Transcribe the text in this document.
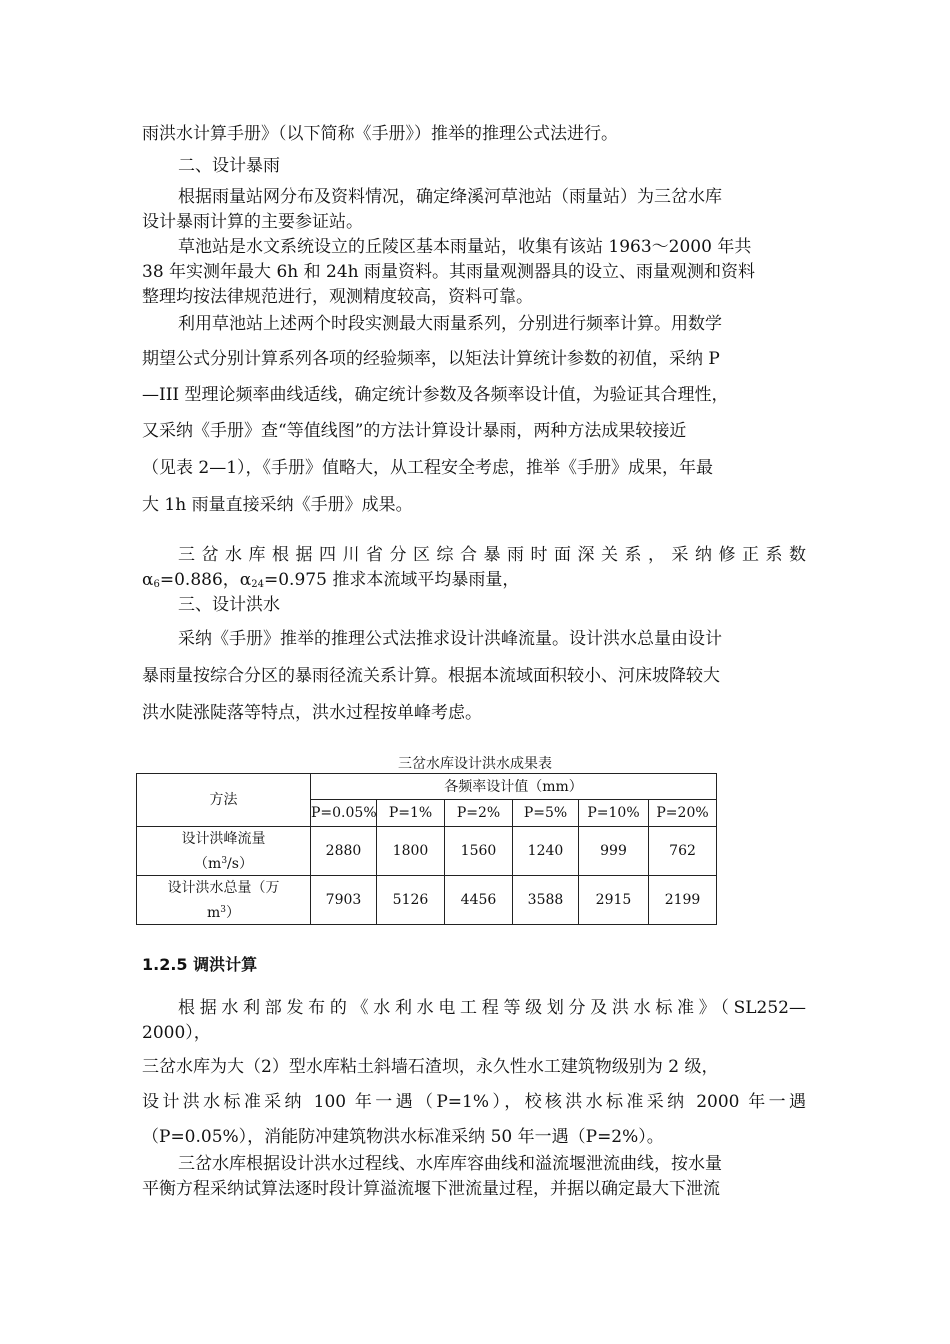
雨洪水计算手册》（以下简称《手册》）推举的推理公式法进行。

二、设计暴雨

根据雨量站网分布及资料情况，确定绛溪河草池站（雨量站）为三岔水库

设计暴雨计算的主要参证站。

草池站是水文系统设立的丘陵区基本雨量站，收集有该站 1963～2000 年共

38 年实测年最大 6h 和 24h 雨量资料。其雨量观测器具的设立、雨量观测和资料

整理均按法律规范进行，观测精度较高，资料可靠。

利用草池站上述两个时段实测最大雨量系列，分别进行频率计算。用数学

期望公式分别计算系列各项的经验频率，以矩法计算统计参数的初值，采纳 P

—III 型理论频率曲线适线，确定统计参数及各频率设计值，为验证其合理性，

又采纳《手册》查“等值线图”的方法计算设计暴雨，两种方法成果较接近

（见表 2—1），《手册》值略大，从工程安全考虑，推举《手册》成果，年最

大 1h 雨量直接采纳《手册》成果。

三岔水库根据四川省分区综合暴雨时面深关系，采纳修正系数

$\alpha_6=0.886$，$\alpha_{24}=0.975$ 推求本流域平均暴雨量，

三、设计洪水

采纳《手册》推举的推理公式法推求设计洪峰流量。设计洪水总量由设计

暴雨量按综合分区的暴雨径流关系计算。根据本流域面积较小、河床坡降较大

洪水陡涨陡落等特点，洪水过程按单峰考虑。

三岔水库设计洪水成果表

方法	各频率设计值（mm）					
	P=0.05%	P=1%	P=2%	P=5%	P=10%	P=20%
设计洪峰流量
$(m^3/s)$	2880	1800	1560	1240	999	762
设计洪水总量（万
$m^3$）	7903	5126	4456	3588	2915	2199

1.2.5 调洪计算

根据水利部发布的《水利水电工程等级划分及洪水标准》（SL252—

2000），

三岔水库为大（2）型水库粘土斜墙石渣坝，永久性水工建筑物级别为 2 级，

设计洪水标准采纳 100 年一遇（P=1%），校核洪水标准采纳 2000 年一遇

（P=0.05%），消能防冲建筑物洪水标准采纳 50 年一遇（P=2%）。

三岔水库根据设计洪水过程线、水库库容曲线和溢流堰泄流曲线，按水量

平衡方程采纳试算法逐时段计算溢流堰下泄流量过程，并据以确定最大下泄流
